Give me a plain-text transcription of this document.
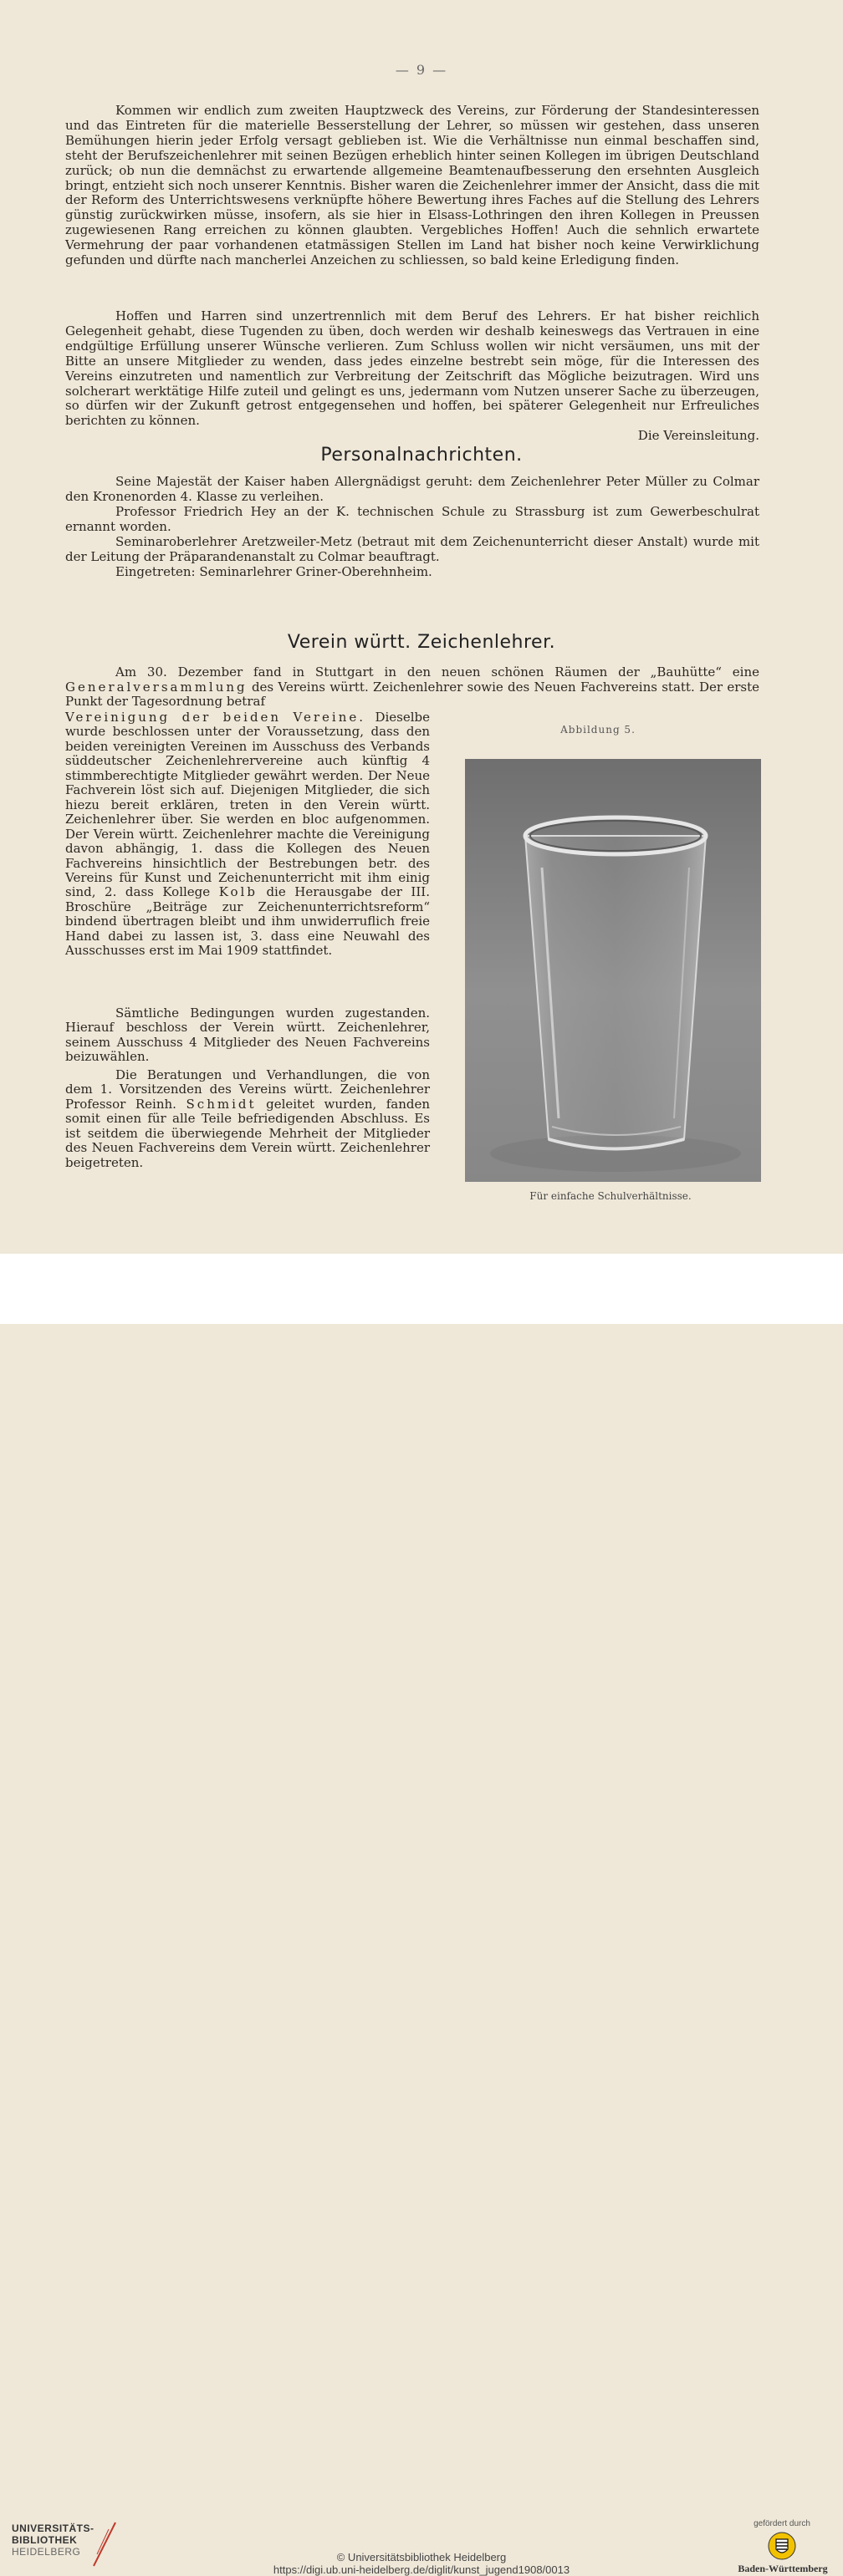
— 9 —

Kommen wir endlich zum zweiten Hauptzweck des Vereins, zur Förderung der Standesinteressen und das Eintreten für die materielle Besserstellung der Lehrer, so müssen wir gestehen, dass unseren Bemühungen hierin jeder Erfolg versagt geblieben ist. Wie die Verhältnisse nun einmal beschaffen sind, steht der Berufszeichenlehrer mit seinen Bezügen erheblich hinter seinen Kollegen im übrigen Deutschland zurück; ob nun die demnächst zu erwartende allgemeine Beamtenaufbesserung den ersehnten Ausgleich bringt, entzieht sich noch unserer Kenntnis. Bisher waren die Zeichenlehrer immer der Ansicht, dass die mit der Reform des Unterrichtswesens verknüpfte höhere Bewertung ihres Faches auf die Stellung des Lehrers günstig zurückwirken müsse, insofern, als sie hier in Elsass-Lothringen den ihren Kollegen in Preussen zugewiesenen Rang erreichen zu können glaubten. Vergebliches Hoffen! Auch die sehnlich erwartete Vermehrung der paar vorhandenen etatmässigen Stellen im Land hat bisher noch keine Verwirklichung gefunden und dürfte nach mancherlei Anzeichen zu schliessen, so bald keine Erledigung finden.

Hoffen und Harren sind unzertrennlich mit dem Beruf des Lehrers. Er hat bisher reichlich Gelegenheit gehabt, diese Tugenden zu üben, doch werden wir deshalb keineswegs das Vertrauen in eine endgültige Erfüllung unserer Wünsche verlieren. Zum Schluss wollen wir nicht versäumen, uns mit der Bitte an unsere Mitglieder zu wenden, dass jedes einzelne bestrebt sein möge, für die Interessen des Vereins einzutreten und namentlich zur Verbreitung der Zeitschrift das Mögliche beizutragen. Wird uns solcherart werktätige Hilfe zuteil und gelingt es uns, jedermann vom Nutzen unserer Sache zu überzeugen, so dürfen wir der Zukunft getrost entgegensehen und hoffen, bei späterer Gelegenheit nur Erfreuliches berichten zu können.
Die Vereinsleitung.

Personalnachrichten.

Seine Majestät der Kaiser haben Allergnädigst geruht: dem Zeichenlehrer Peter Müller zu Colmar den Kronenorden 4. Klasse zu verleihen.

Professor Friedrich Hey an der K. technischen Schule zu Strassburg ist zum Gewerbeschulrat ernannt worden.

Seminaroberlehrer Aretzweiler-Metz (betraut mit dem Zeichenunterricht dieser Anstalt) wurde mit der Leitung der Präparandenanstalt zu Colmar beauftragt.

Eingetreten: Seminarlehrer Griner-Oberehnheim.

Verein württ. Zeichenlehrer.

Am 30. Dezember fand in Stuttgart in den neuen schönen Räumen der „Bauhütte“ eine Generalversammlung des Vereins württ. Zeichenlehrer sowie des Neuen Fachvereins statt. Der erste Punkt der Tagesordnung betraf

Vereinigung der beiden Vereine. Dieselbe wurde beschlossen unter der Voraussetzung, dass den beiden vereinigten Vereinen im Ausschuss des Verbands süddeutscher Zeichenlehrervereine auch künftig 4 stimmberechtigte Mitglieder gewährt werden. Der Neue Fachverein löst sich auf. Diejenigen Mitglieder, die sich hiezu bereit erklären, treten in den Verein württ. Zeichenlehrer über. Sie werden en bloc aufgenommen. Der Verein württ. Zeichenlehrer machte die Vereinigung davon abhängig, 1. dass die Kollegen des Neuen Fachvereins hinsichtlich der Bestrebungen betr. des Vereins für Kunst und Zeichenunterricht mit ihm einig sind, 2. dass Kollege Kolb die Herausgabe der III. Broschüre „Beiträge zur Zeichenunterrichtsreform“ bindend übertragen bleibt und ihm unwiderruflich freie Hand dabei zu lassen ist, 3. dass eine Neuwahl des Ausschusses erst im Mai 1909 stattfindet.

Sämtliche Bedingungen wurden zugestanden. Hierauf beschloss der Verein württ. Zeichenlehrer, seinem Ausschuss 4 Mitglieder des Neuen Fachvereins beizuwählen.

Die Beratungen und Verhandlungen, die von dem 1. Vorsitzenden des Vereins württ. Zeichenlehrer Professor Reinh. Schmidt geleitet wurden, fanden somit einen für alle Teile befriedigenden Abschluss. Es ist seitdem die überwiegende Mehrheit der Mitglieder des Neuen Fachvereins dem Verein württ. Zeichenlehrer beigetreten.

Abbildung 5.
Für einfache Schulverhältnisse.
UNIVERSITÄTS-
BIBLIOTHEK
HEIDELBERG	© Universitätsbibliothek Heidelberg
https://digi.ub.uni-heidelberg.de/diglit/kunst_jugend1908/0013
gefördert durch
Baden-Württemberg
